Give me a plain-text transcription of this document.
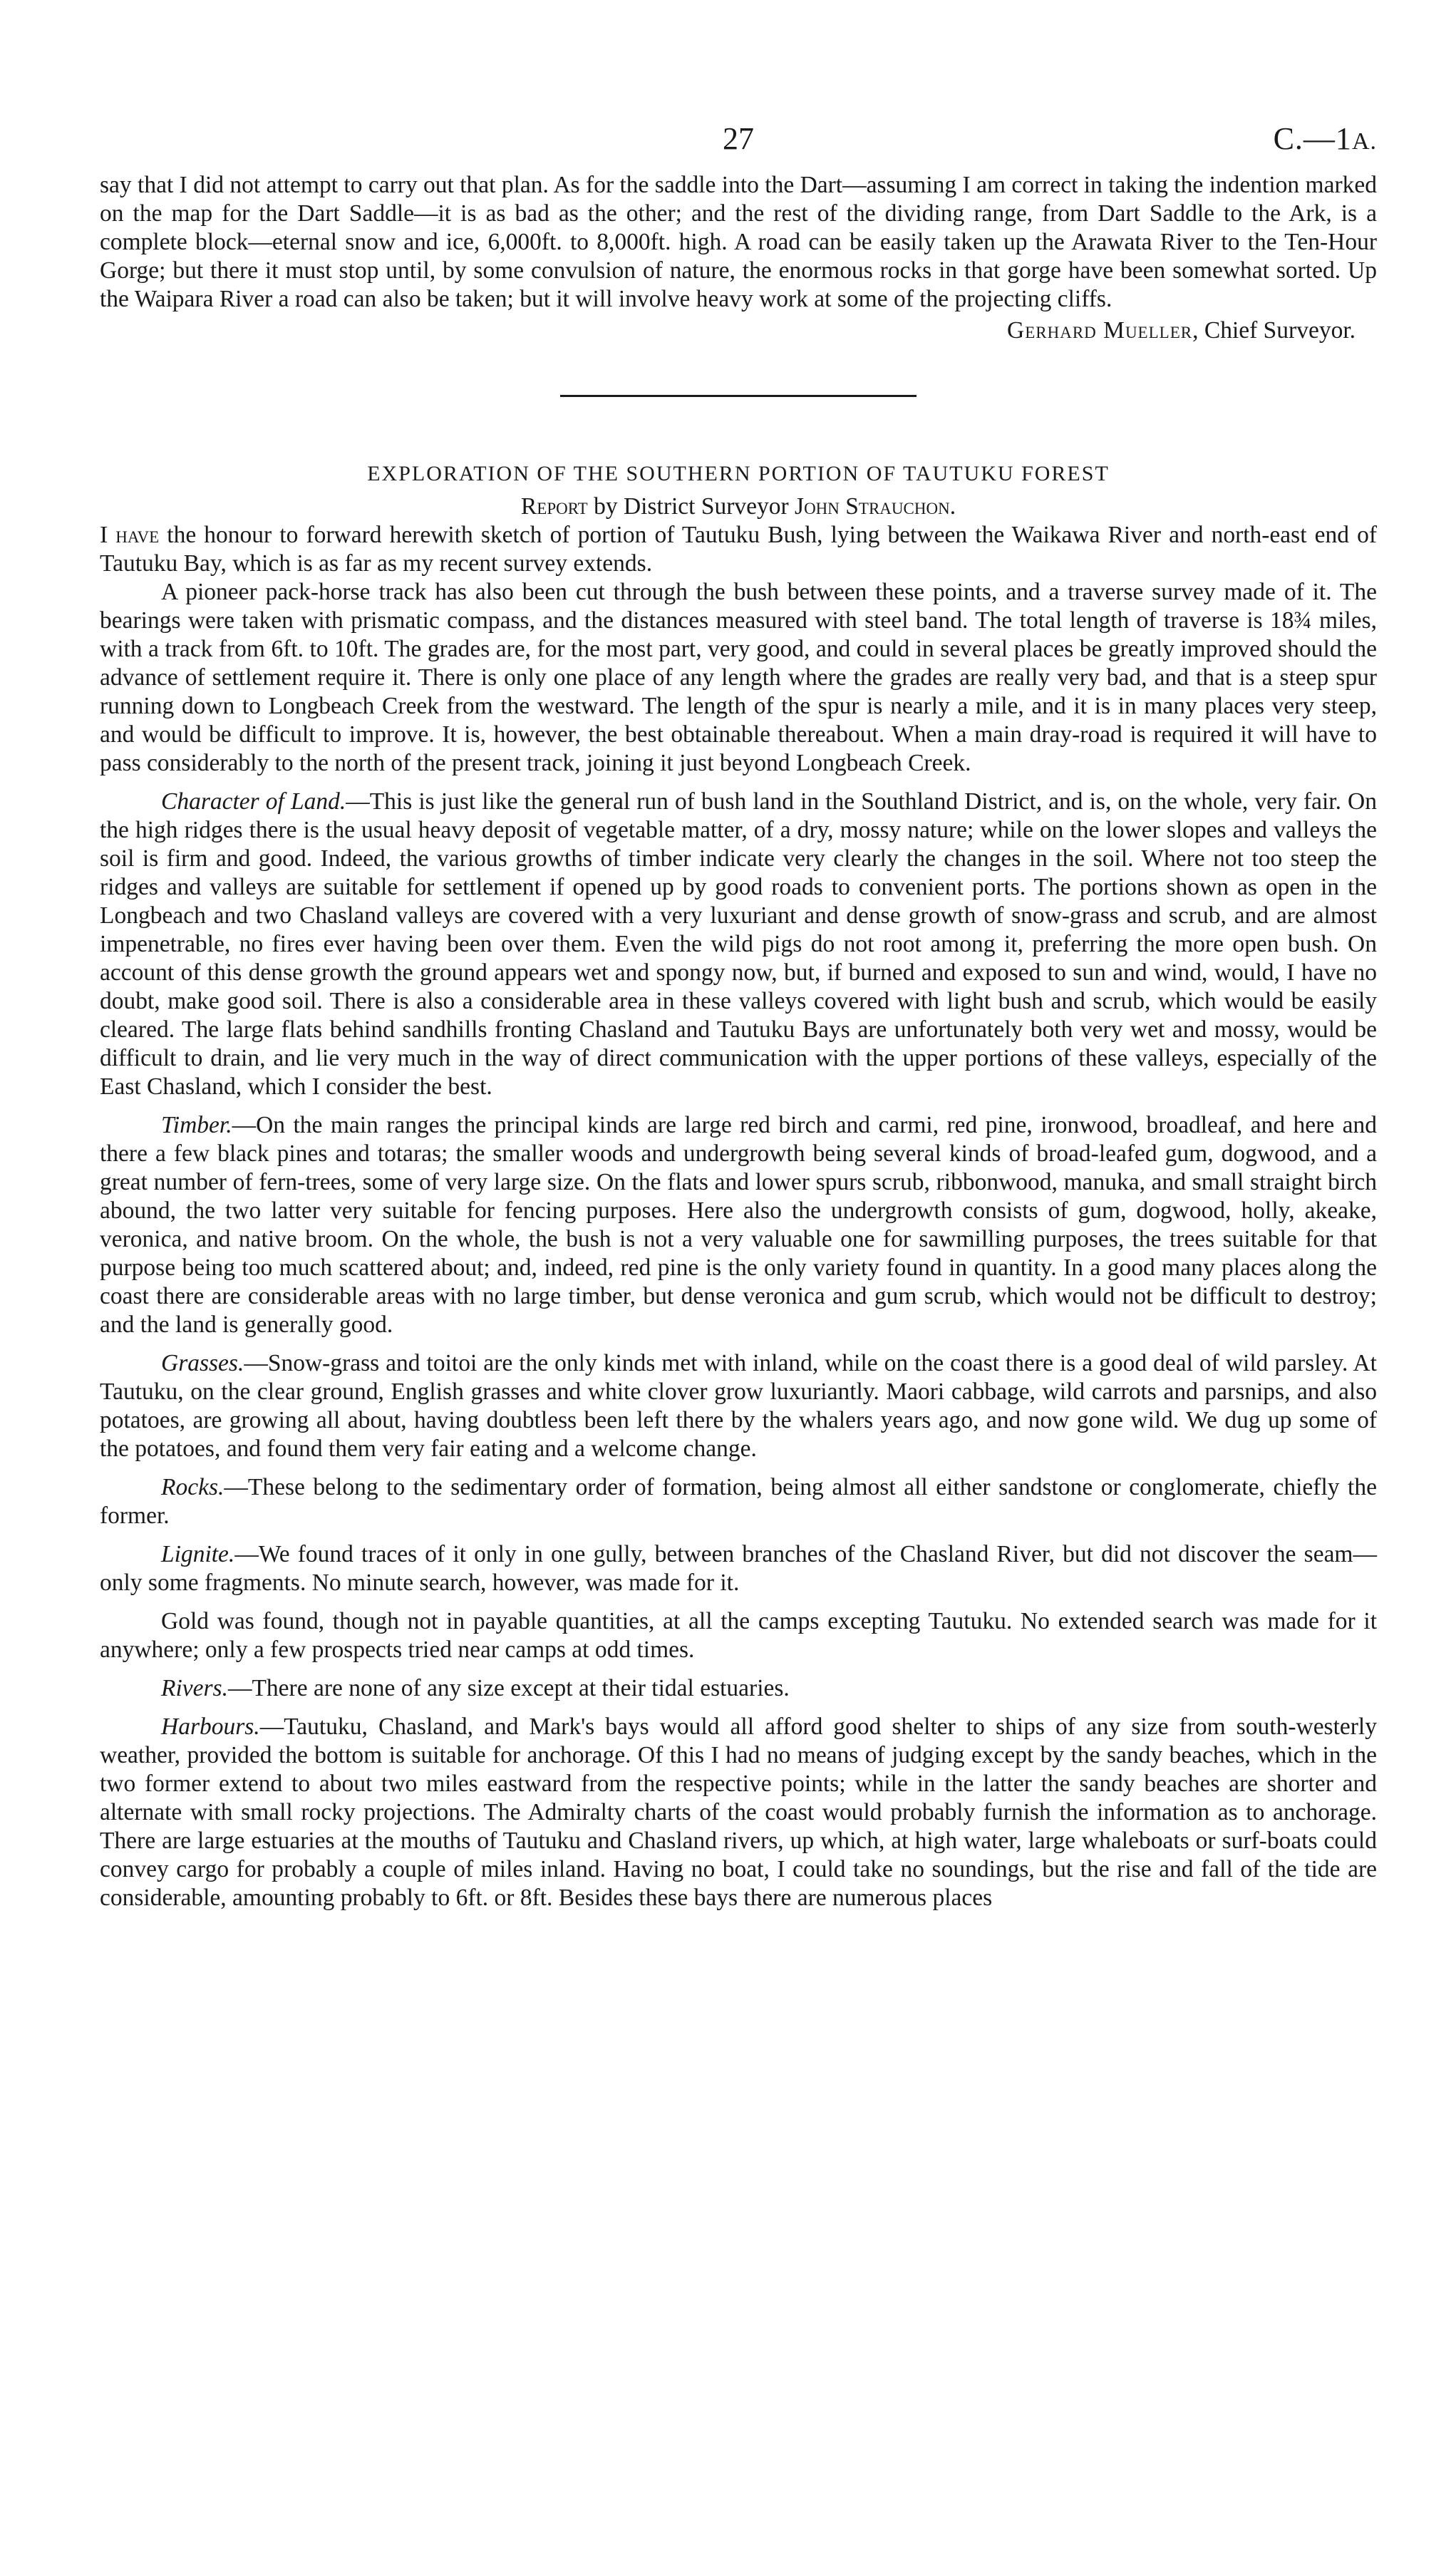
27	C.—1A.

say that I did not attempt to carry out that plan. As for the saddle into the Dart—assuming I am correct in taking the indention marked on the map for the Dart Saddle—it is as bad as the other; and the rest of the dividing range, from Dart Saddle to the Ark, is a complete block—eternal snow and ice, 6,000ft. to 8,000ft. high. A road can be easily taken up the Arawata River to the Ten-Hour Gorge; but there it must stop until, by some convulsion of nature, the enormous rocks in that gorge have been somewhat sorted. Up the Waipara River a road can also be taken; but it will involve heavy work at some of the projecting cliffs.

Gerhard Mueller, Chief Surveyor.

EXPLORATION OF THE SOUTHERN PORTION OF TAUTUKU FOREST
Report by District Surveyor John Strauchon.

I have the honour to forward herewith sketch of portion of Tautuku Bush, lying between the Waikawa River and north-east end of Tautuku Bay, which is as far as my recent survey extends.

A pioneer pack-horse track has also been cut through the bush between these points, and a traverse survey made of it. The bearings were taken with prismatic compass, and the distances measured with steel band. The total length of traverse is 18¾ miles, with a track from 6ft. to 10ft. The grades are, for the most part, very good, and could in several places be greatly improved should the advance of settlement require it. There is only one place of any length where the grades are really very bad, and that is a steep spur running down to Longbeach Creek from the westward. The length of the spur is nearly a mile, and it is in many places very steep, and would be difficult to improve. It is, however, the best obtainable thereabout. When a main dray-road is required it will have to pass considerably to the north of the present track, joining it just beyond Longbeach Creek.

Character of Land.—This is just like the general run of bush land in the Southland District, and is, on the whole, very fair. On the high ridges there is the usual heavy deposit of vegetable matter, of a dry, mossy nature; while on the lower slopes and valleys the soil is firm and good. Indeed, the various growths of timber indicate very clearly the changes in the soil. Where not too steep the ridges and valleys are suitable for settlement if opened up by good roads to convenient ports. The portions shown as open in the Longbeach and two Chasland valleys are covered with a very luxuriant and dense growth of snow-grass and scrub, and are almost impenetrable, no fires ever having been over them. Even the wild pigs do not root among it, preferring the more open bush. On account of this dense growth the ground appears wet and spongy now, but, if burned and exposed to sun and wind, would, I have no doubt, make good soil. There is also a considerable area in these valleys covered with light bush and scrub, which would be easily cleared. The large flats behind sandhills fronting Chasland and Tautuku Bays are unfortunately both very wet and mossy, would be difficult to drain, and lie very much in the way of direct communication with the upper portions of these valleys, especially of the East Chasland, which I consider the best.

Timber.—On the main ranges the principal kinds are large red birch and carmi, red pine, ironwood, broadleaf, and here and there a few black pines and totaras; the smaller woods and undergrowth being several kinds of broad-leafed gum, dogwood, and a great number of fern-trees, some of very large size. On the flats and lower spurs scrub, ribbonwood, manuka, and small straight birch abound, the two latter very suitable for fencing purposes. Here also the undergrowth consists of gum, dogwood, holly, akeake, veronica, and native broom. On the whole, the bush is not a very valuable one for sawmilling purposes, the trees suitable for that purpose being too much scattered about; and, indeed, red pine is the only variety found in quantity. In a good many places along the coast there are considerable areas with no large timber, but dense veronica and gum scrub, which would not be difficult to destroy; and the land is generally good.

Grasses.—Snow-grass and toitoi are the only kinds met with inland, while on the coast there is a good deal of wild parsley. At Tautuku, on the clear ground, English grasses and white clover grow luxuriantly. Maori cabbage, wild carrots and parsnips, and also potatoes, are growing all about, having doubtless been left there by the whalers years ago, and now gone wild. We dug up some of the potatoes, and found them very fair eating and a welcome change.

Rocks.—These belong to the sedimentary order of formation, being almost all either sandstone or conglomerate, chiefly the former.

Lignite.—We found traces of it only in one gully, between branches of the Chasland River, but did not discover the seam—only some fragments. No minute search, however, was made for it.

Gold was found, though not in payable quantities, at all the camps excepting Tautuku. No extended search was made for it anywhere; only a few prospects tried near camps at odd times.

Rivers.—There are none of any size except at their tidal estuaries.

Harbours.—Tautuku, Chasland, and Mark's bays would all afford good shelter to ships of any size from south-westerly weather, provided the bottom is suitable for anchorage. Of this I had no means of judging except by the sandy beaches, which in the two former extend to about two miles eastward from the respective points; while in the latter the sandy beaches are shorter and alternate with small rocky projections. The Admiralty charts of the coast would probably furnish the information as to anchorage. There are large estuaries at the mouths of Tautuku and Chasland rivers, up which, at high water, large whaleboats or surf-boats could convey cargo for probably a couple of miles inland. Having no boat, I could take no soundings, but the rise and fall of the tide are considerable, amounting probably to 6ft. or 8ft. Besides these bays there are numerous places
